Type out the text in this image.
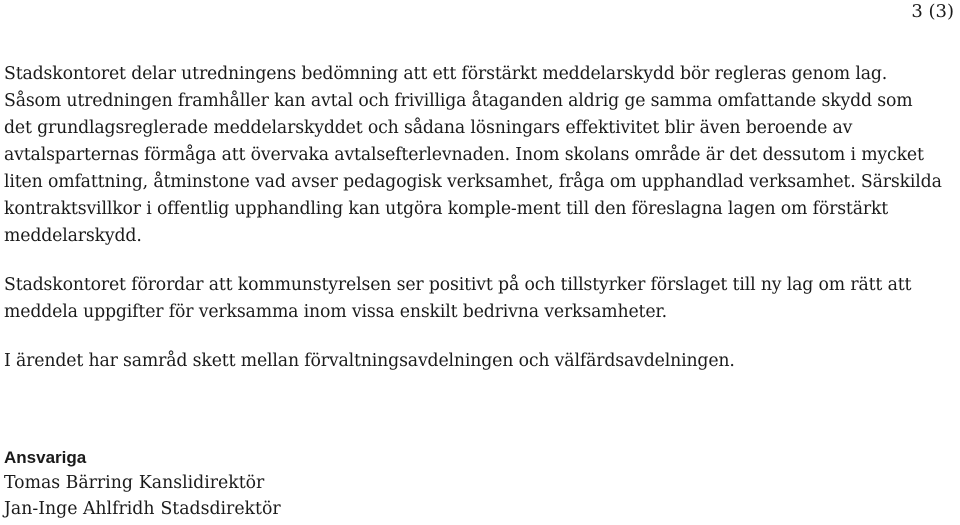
3 (3)

Stadskontoret delar utredningens bedömning att ett förstärkt meddelarskydd bör regleras genom lag. Såsom utredningen framhåller kan avtal och frivilliga åtaganden aldrig ge samma omfattande skydd som det grundlagsreglerade meddelarskyddet och sådana lösningars effektivitet blir även beroende av avtalsparternas förmåga att övervaka avtalsefterlevnaden. Inom skolans område är det dessutom i mycket liten omfattning, åtminstone vad avser pedagogisk verksamhet, fråga om upphandlad verksamhet. Särskilda kontraktsvillkor i offentlig upphandling kan utgöra komple-ment till den föreslagna lagen om förstärkt meddelarskydd.

Stadskontoret förordar att kommunstyrelsen ser positivt på och tillstyrker förslaget till ny lag om rätt att meddela uppgifter för verksamma inom vissa enskilt bedrivna verksamheter.

I ärendet har samråd skett mellan förvaltningsavdelningen och välfärdsavdelningen.

Ansvariga

Tomas Bärring Kanslidirektör

Jan-Inge Ahlfridh Stadsdirektör
